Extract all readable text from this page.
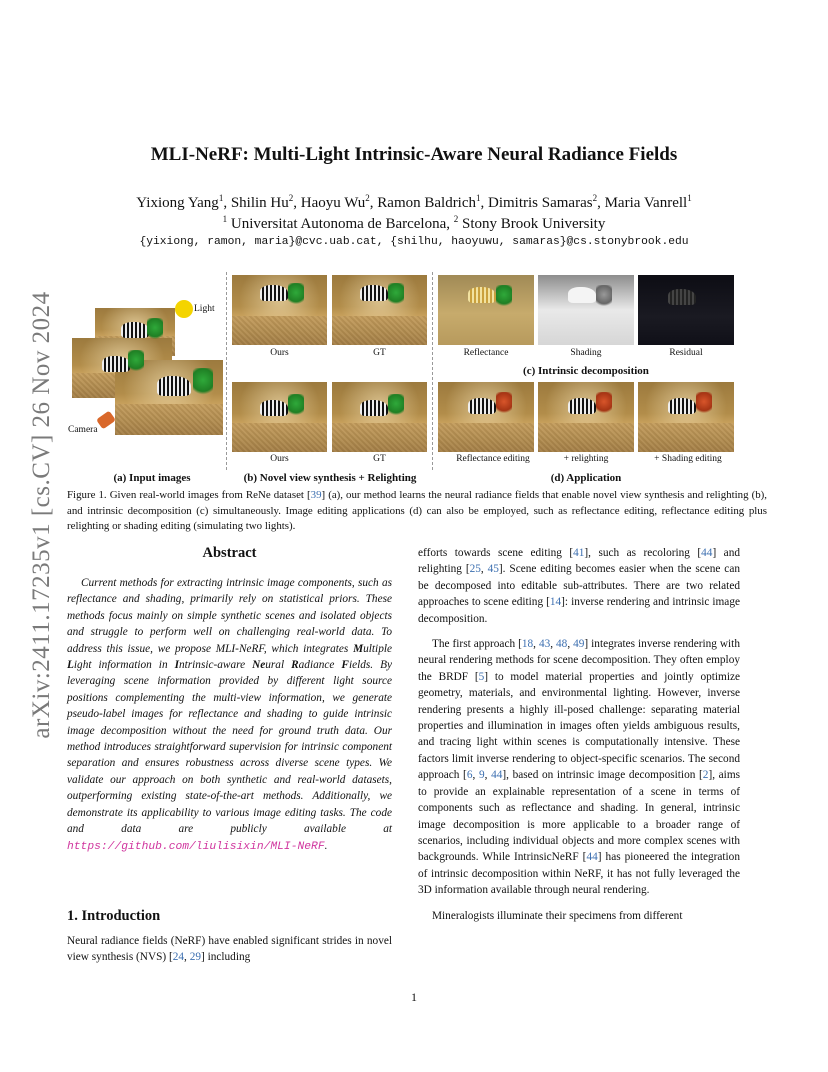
arXiv:2411.17235v1 [cs.CV] 26 Nov 2024
MLI-NeRF: Multi-Light Intrinsic-Aware Neural Radiance Fields
Yixiong Yang$^1$, Shilin Hu$^2$, Haoyu Wu$^2$, Ramon Baldrich$^1$, Dimitris Samaras$^2$, Maria Vanrell$^1$
$^1$ Universitat Autonoma de Barcelona, $^2$ Stony Brook University
{yixiong, ramon, maria}@cvc.uab.cat, {shilhu, haoyuwu, samaras}@cs.stonybrook.edu
Light
Camera
Ours	GT
Ours	GT
Reflectance	Shading	Residual
(c) Intrinsic decomposition
Reflectance editing	+ relighting	+ Shading editing
(a) Input images	(b) Novel view synthesis + Relighting	(d) Application
Figure 1. Given real-world images from ReNe dataset [39] (a), our method learns the neural radiance fields that enable novel view synthesis and relighting (b), and intrinsic decomposition (c) simultaneously. Image editing applications (d) can also be employed, such as reflectance editing, reflectance editing plus relighting or shading editing (simulating two lights).
Abstract

Current methods for extracting intrinsic image components, such as reflectance and shading, primarily rely on statistical priors. These methods focus mainly on simple synthetic scenes and isolated objects and struggle to perform well on challenging real-world data. To address this issue, we propose MLI-NeRF, which integrates Multiple Light information in Intrinsic-aware Neural Radiance Fields. By leveraging scene information provided by different light source positions complementing the multi-view information, we generate pseudo-label images for reflectance and shading to guide intrinsic image decomposition without the need for ground truth data. Our method introduces straightforward supervision for intrinsic component separation and ensures robustness across diverse scene types. We validate our approach on both synthetic and real-world datasets, outperforming existing state-of-the-art methods. Additionally, we demonstrate its applicability to various image editing tasks. The code and data are publicly available at https://github.com/liulisixin/MLI-NeRF.

1. Introduction

Neural radiance fields (NeRF) have enabled significant strides in novel view synthesis (NVS) [24, 29] including

efforts towards scene editing [41], such as recoloring [44] and relighting [25, 45]. Scene editing becomes easier when the scene can be decomposed into editable sub-attributes. There are two related approaches to scene editing [14]: inverse rendering and intrinsic image decomposition.

The first approach [18, 43, 48, 49] integrates inverse rendering with neural rendering methods for scene decomposition. They often employ the BRDF [5] to model material properties and jointly optimize geometry, materials, and environmental lighting. However, inverse rendering presents a highly ill-posed challenge: separating material properties and illumination in images often yields ambiguous results, and tracing light within scenes is computationally intensive. These factors limit inverse rendering to object-specific scenarios. The second approach [6, 9, 44], based on intrinsic image decomposition [2], aims to provide an explainable representation of a scene in terms of components such as reflectance and shading. In general, intrinsic image decomposition is more applicable to a broader range of scenarios, including individual objects and more complex scenes with backgrounds. While IntrinsicNeRF [44] has pioneered the integration of intrinsic decomposition within NeRF, it has not fully leveraged the 3D information available through neural rendering.

Mineralogists illuminate their specimens from different

1
